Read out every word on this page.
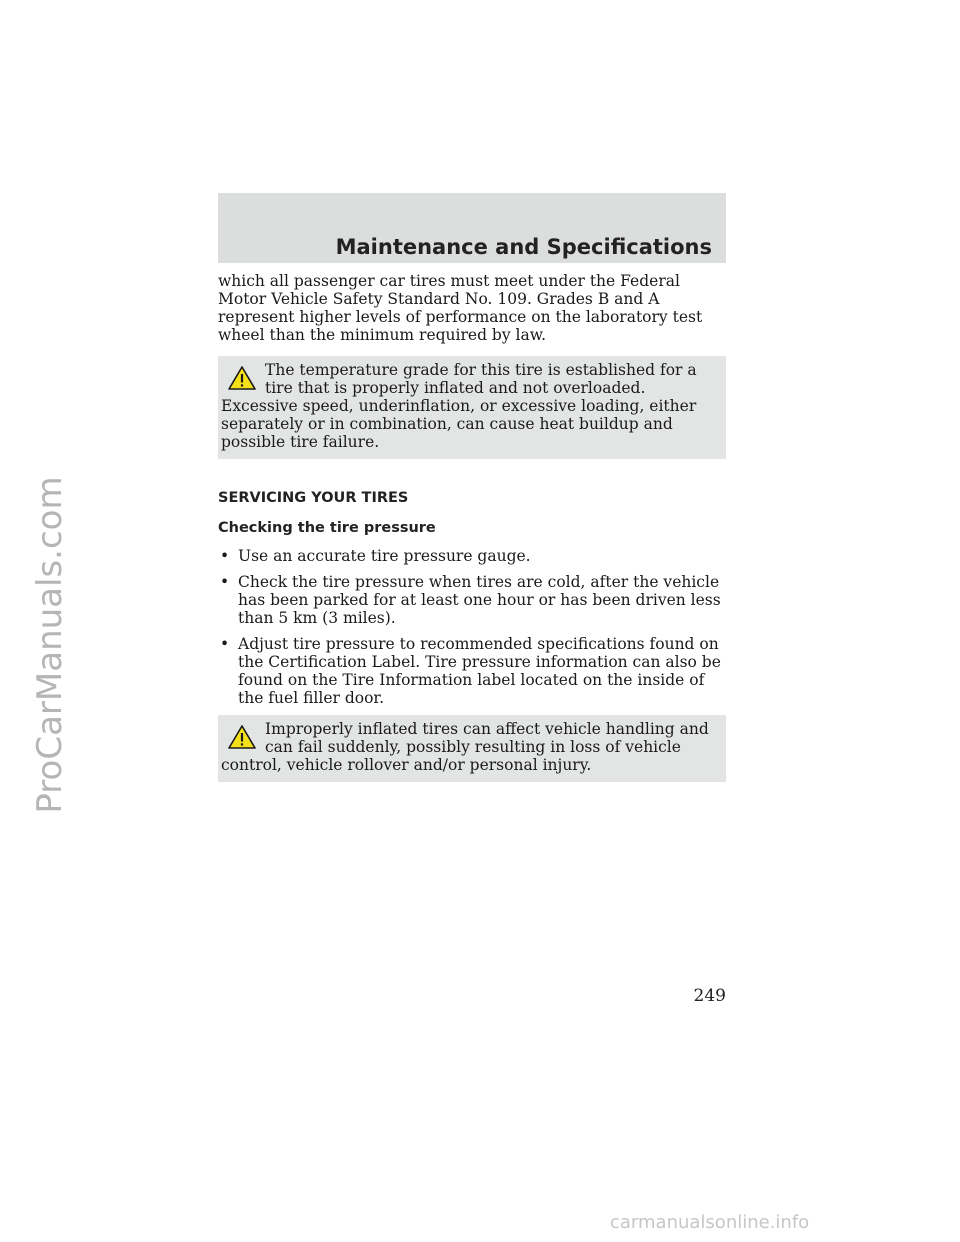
ProCarManuals.com
Maintenance and Specifications

which all passenger car tires must meet under the Federal Motor Vehicle Safety Standard No. 109. Grades B and A represent higher levels of performance on the laboratory test wheel than the minimum required by law.

The temperature grade for this tire is established for a tire that is properly inflated and not overloaded. Excessive speed, underinflation, or excessive loading, either separately or in combination, can cause heat buildup and possible tire failure.

SERVICING YOUR TIRES
Checking the tire pressure
• Use an accurate tire pressure gauge.
• Check the tire pressure when tires are cold, after the vehicle has been parked for at least one hour or has been driven less than 5 km (3 miles).
• Adjust tire pressure to recommended specifications found on the Certification Label. Tire pressure information can also be found on the Tire Information label located on the inside of the fuel filler door.

Improperly inflated tires can affect vehicle handling and can fail suddenly, possibly resulting in loss of vehicle control, vehicle rollover and/or personal injury.

249
carmanualsonline.info
